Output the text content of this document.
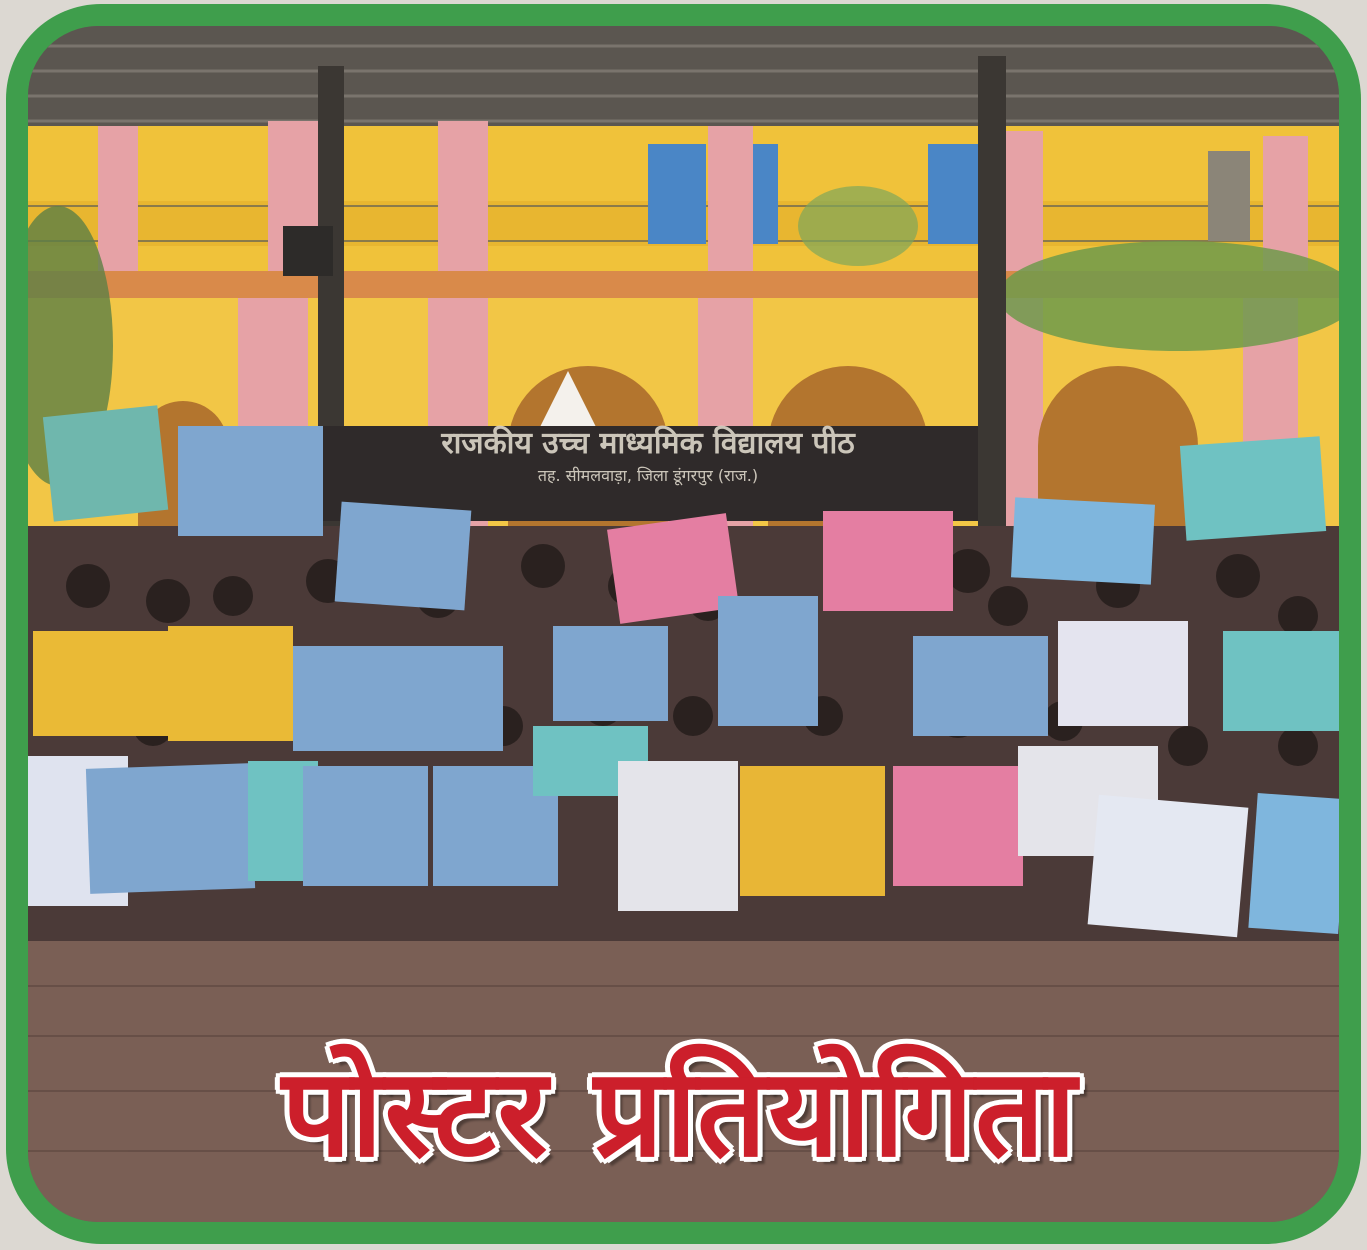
राजकीय उच्च माध्यमिक विद्यालय पीठ
तह. सीमलवाड़ा, जिला डूंगरपुर (राज.)
पोस्टर प्रतियोगिता
